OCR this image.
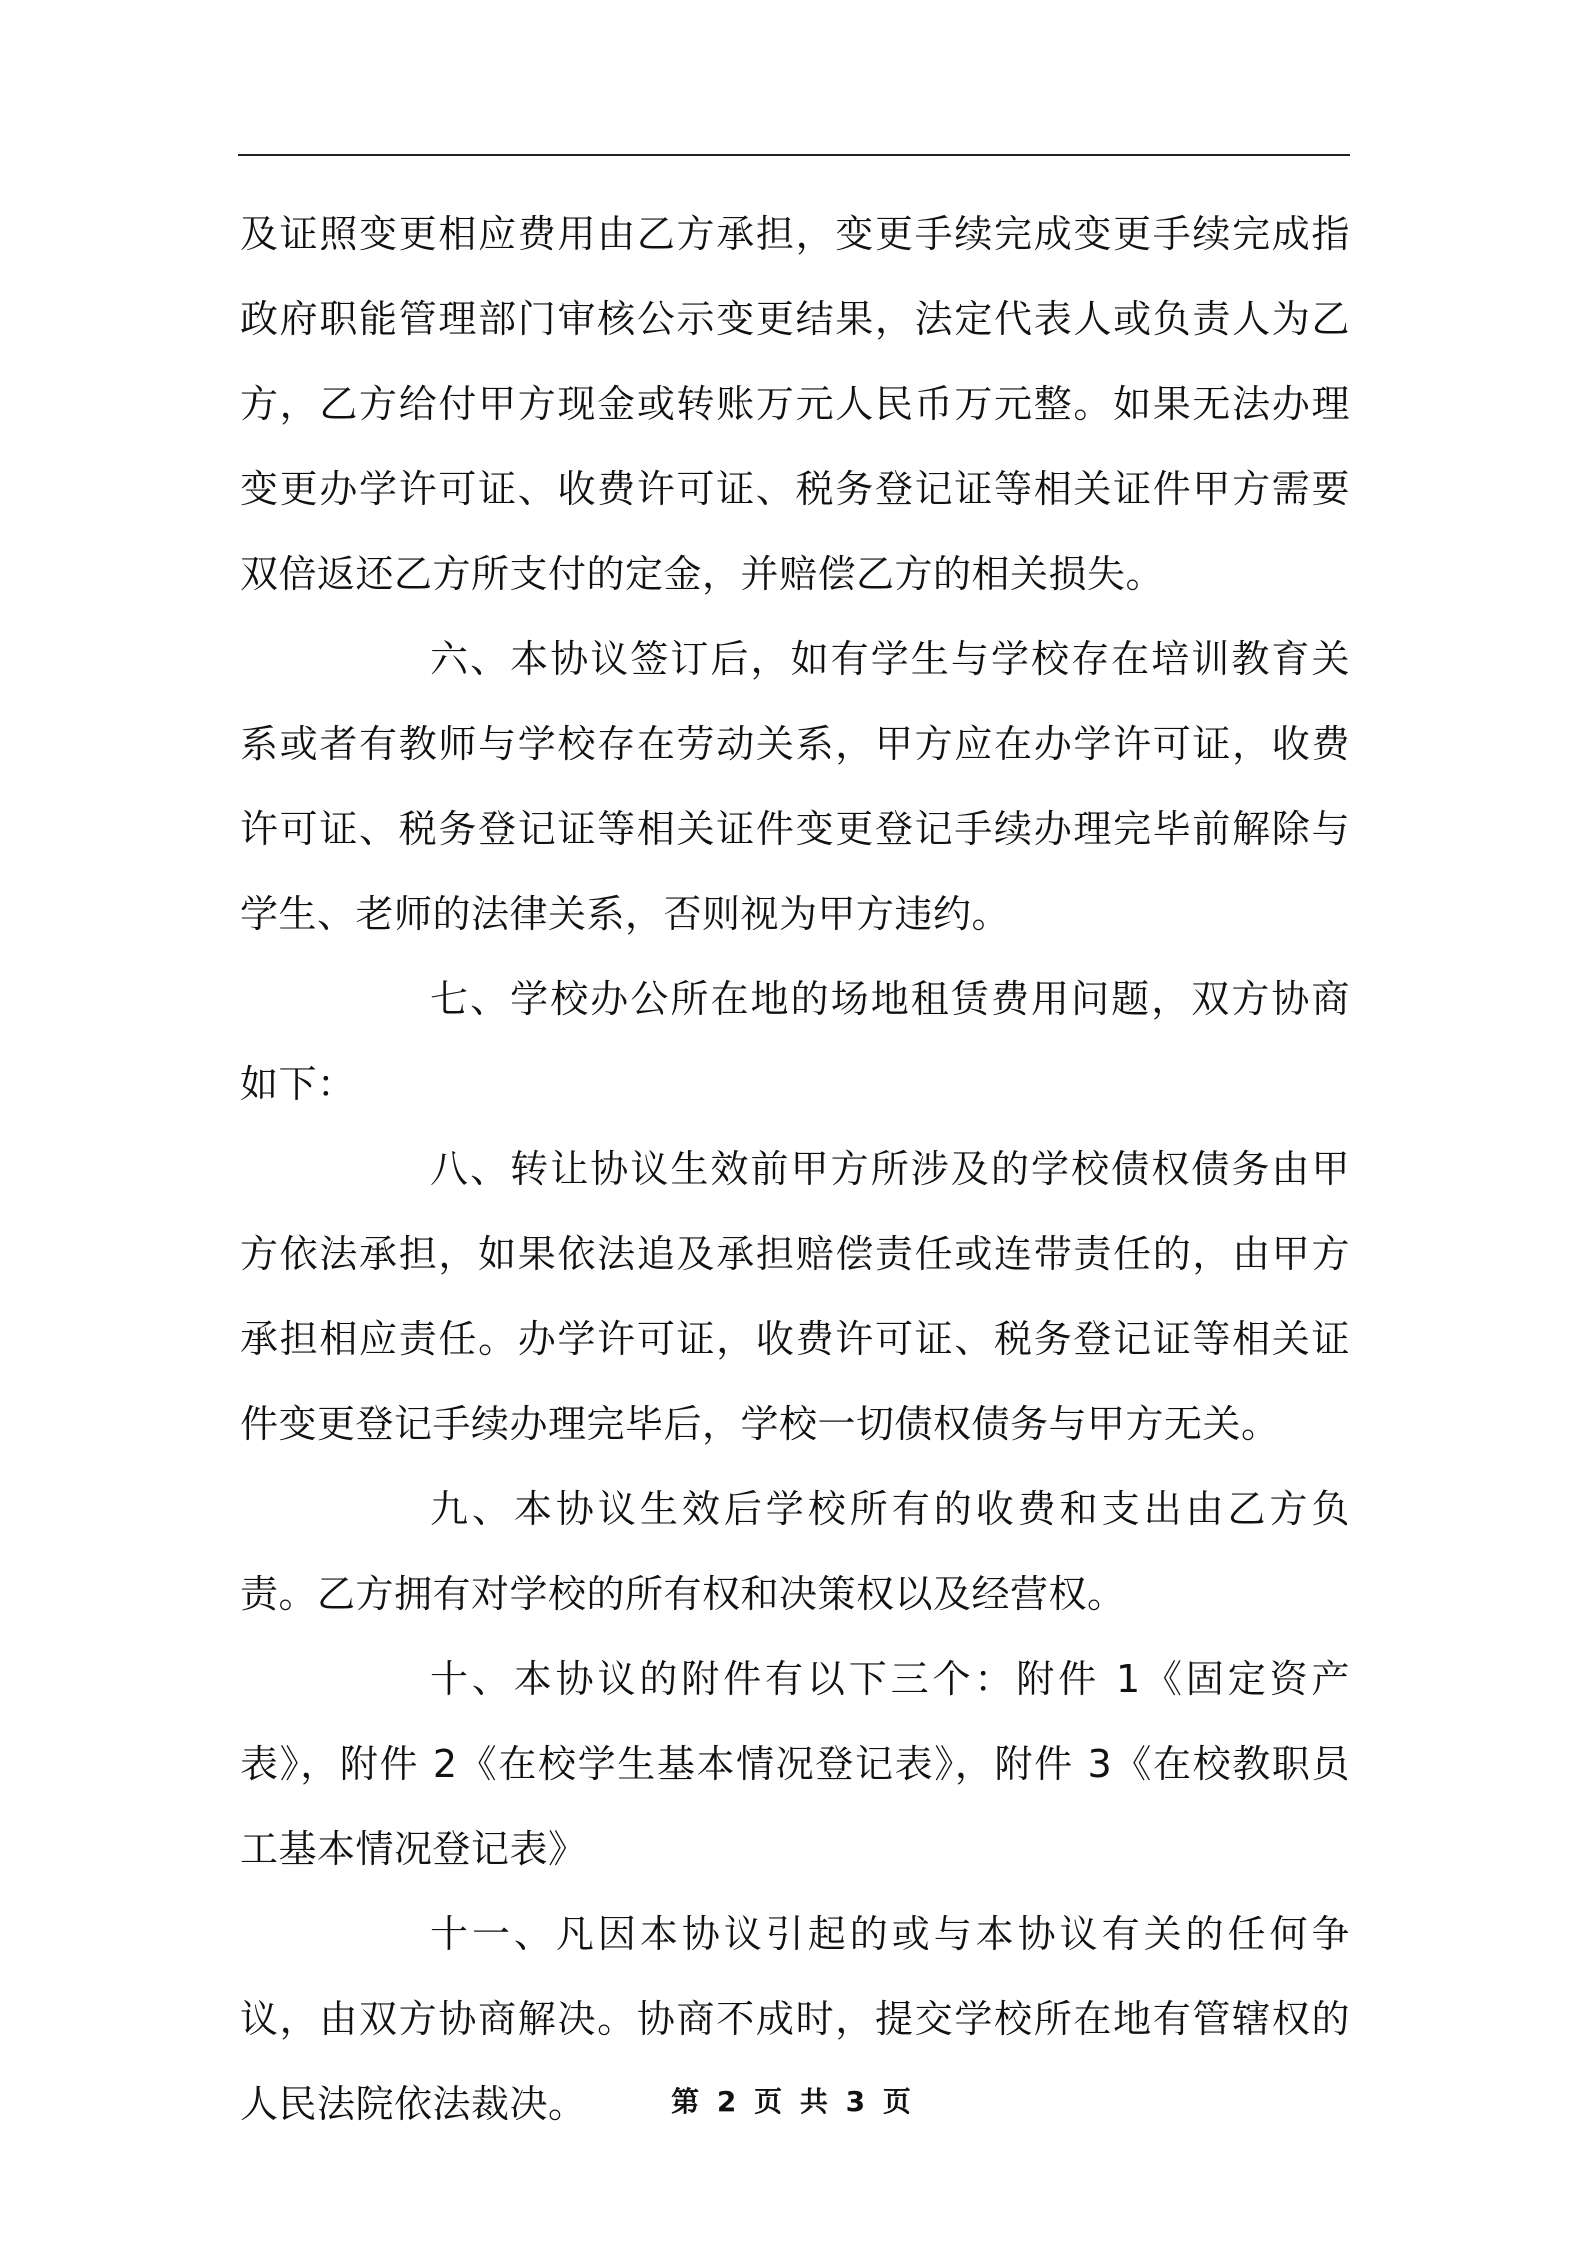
及证照变更相应费用由乙方承担，变更手续完成变更手续完成指政府职能管理部门审核公示变更结果，法定代表人或负责人为乙方，乙方给付甲方现金或转账万元人民币万元整。如果无法办理变更办学许可证、收费许可证、税务登记证等相关证件甲方需要双倍返还乙方所支付的定金，并赔偿乙方的相关损失。

六、本协议签订后，如有学生与学校存在培训教育关系或者有教师与学校存在劳动关系，甲方应在办学许可证，收费许可证、税务登记证等相关证件变更登记手续办理完毕前解除与学生、老师的法律关系，否则视为甲方违约。

七、学校办公所在地的场地租赁费用问题，双方协商如下：

八、转让协议生效前甲方所涉及的学校债权债务由甲方依法承担，如果依法追及承担赔偿责任或连带责任的，由甲方承担相应责任。办学许可证，收费许可证、税务登记证等相关证件变更登记手续办理完毕后，学校一切债权债务与甲方无关。

九、本协议生效后学校所有的收费和支出由乙方负责。乙方拥有对学校的所有权和决策权以及经营权。

十、本协议的附件有以下三个：附件 1《固定资产表》，附件 2《在校学生基本情况登记表》，附件 3《在校教职员工基本情况登记表》

十一、凡因本协议引起的或与本协议有关的任何争议，由双方协商解决。协商不成时，提交学校所在地有管辖权的人民法院依法裁决。	第 2 页 共 3 页
